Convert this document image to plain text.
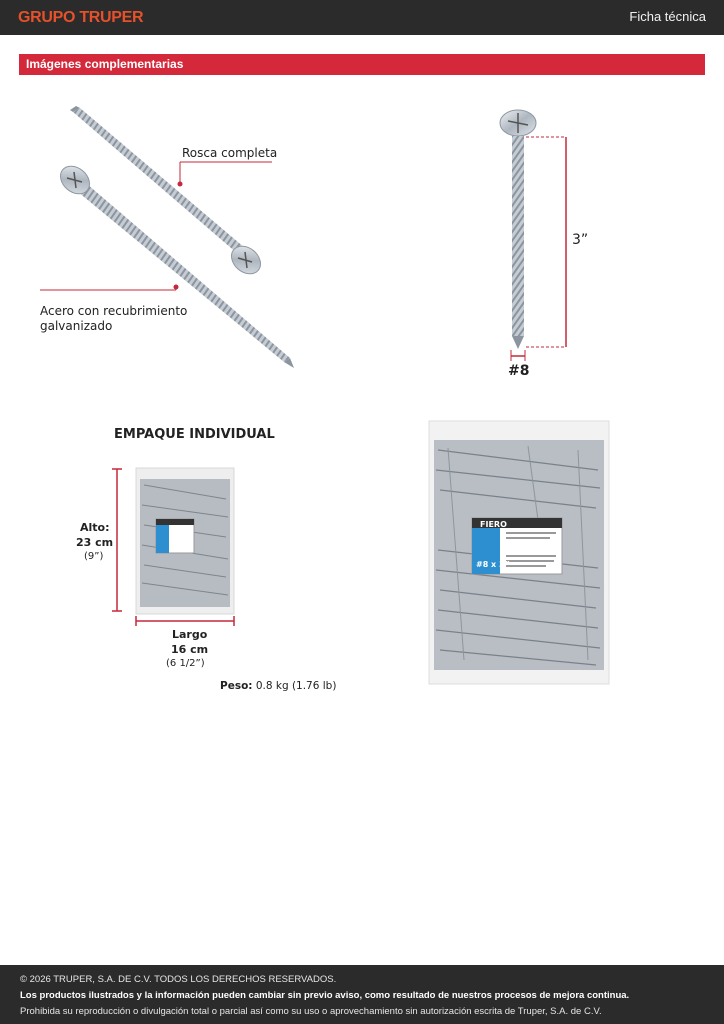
GRUPO TRUPER	Ficha técnica
Imágenes complementarias
Rosca completa
Acero con recubrimiento
galvanizado
3”
#8
EMPAQUE INDIVIDUAL
Alto:
23 cm
(9”)
Largo
16 cm
(6 1/2”)
Peso: 0.8 kg (1.76 lb)
FIERO
#8 x 3”
© 2026 TRUPER, S.A. DE C.V. TODOS LOS DERECHOS RESERVADOS.
Los productos ilustrados y la información pueden cambiar sin previo aviso, como resultado de nuestros procesos de mejora continua.
Prohibida su reproducción o divulgación total o parcial así como su uso o aprovechamiento sin autorización escrita de Truper, S.A. de C.V.
